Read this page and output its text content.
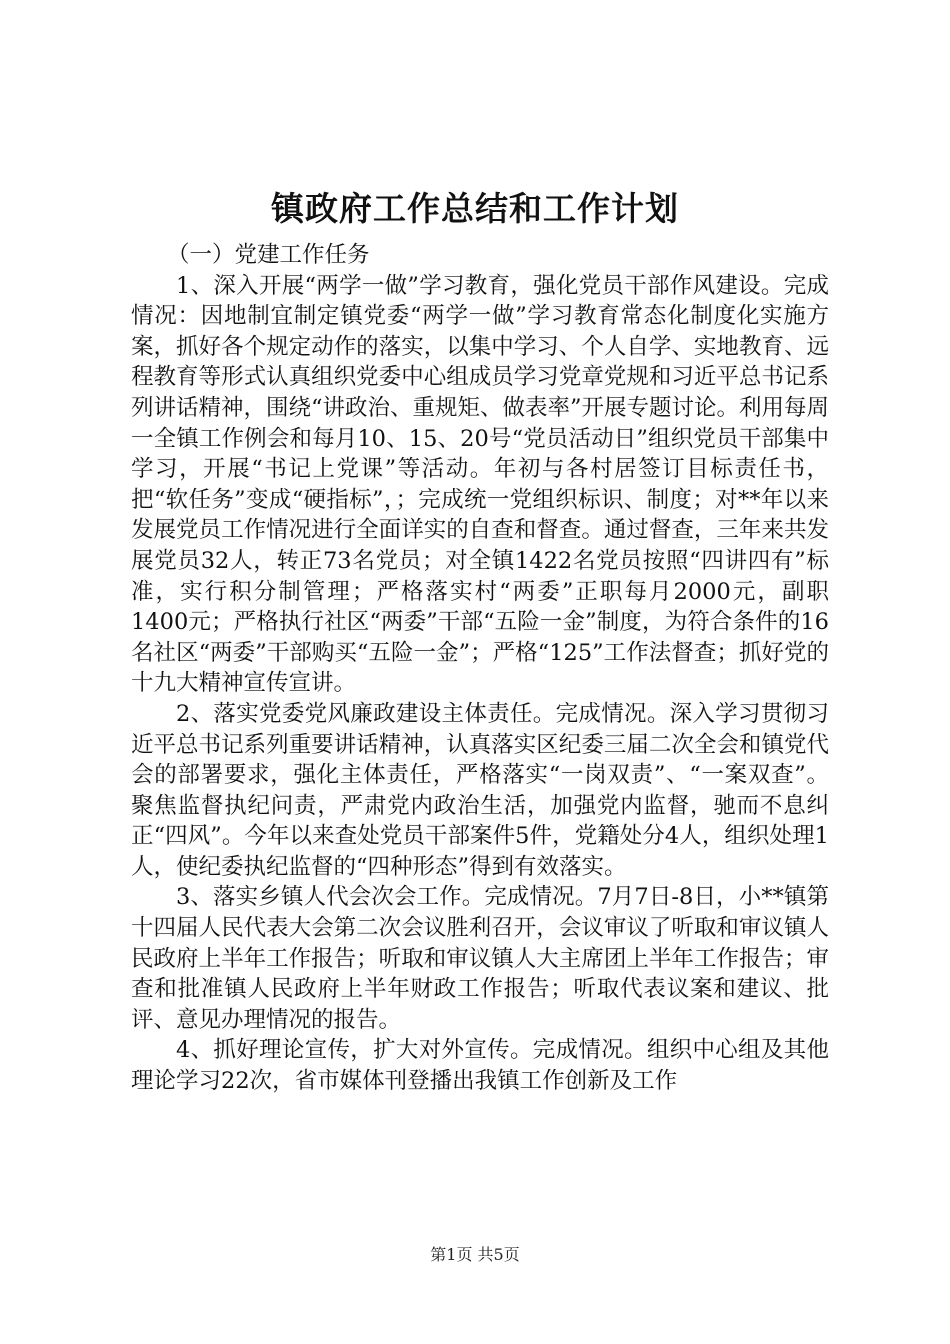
镇政府工作总结和工作计划

（一）党建工作任务

1、深入开展“两学一做”学习教育，强化党员干部作风建设。完成情况：因地制宜制定镇党委“两学一做”学习教育常态化制度化实施方案，抓好各个规定动作的落实，以集中学习、个人自学、实地教育、远程教育等形式认真组织党委中心组成员学习党章党规和习近平总书记系列讲话精神，围绕“讲政治、重规矩、做表率”开展专题讨论。利用每周一全镇工作例会和每月10、15、20号“党员活动日”组织党员干部集中学习，开展“书记上党课”等活动。年初与各村居签订目标责任书，把“软任务”变成“硬指标”，；完成统一党组织标识、制度；对**年以来发展党员工作情况进行全面详实的自查和督查。通过督查，三年来共发展党员32人，转正73名党员；对全镇1422名党员按照“四讲四有”标准，实行积分制管理；严格落实村“两委”正职每月2000元，副职1400元；严格执行社区“两委”干部“五险一金”制度，为符合条件的16名社区“两委”干部购买“五险一金”；严格“125”工作法督查；抓好党的十九大精神宣传宣讲。

2、落实党委党风廉政建设主体责任。完成情况。深入学习贯彻习近平总书记系列重要讲话精神，认真落实区纪委三届二次全会和镇党代会的部署要求，强化主体责任，严格落实“一岗双责”、“一案双查”。聚焦监督执纪问责，严肃党内政治生活，加强党内监督，驰而不息纠正“四风”。今年以来查处党员干部案件5件，党籍处分4人，组织处理1人，使纪委执纪监督的“四种形态”得到有效落实。

3、落实乡镇人代会次会工作。完成情况。7月7日-8日，小**镇第十四届人民代表大会第二次会议胜利召开，会议审议了听取和审议镇人民政府上半年工作报告；听取和审议镇人大主席团上半年工作报告；审查和批准镇人民政府上半年财政工作报告；听取代表议案和建议、批评、意见办理情况的报告。

4、抓好理论宣传，扩大对外宣传。完成情况。组织中心组及其他理论学习22次，省市媒体刊登播出我镇工作创新及工作

第1页 共5页
